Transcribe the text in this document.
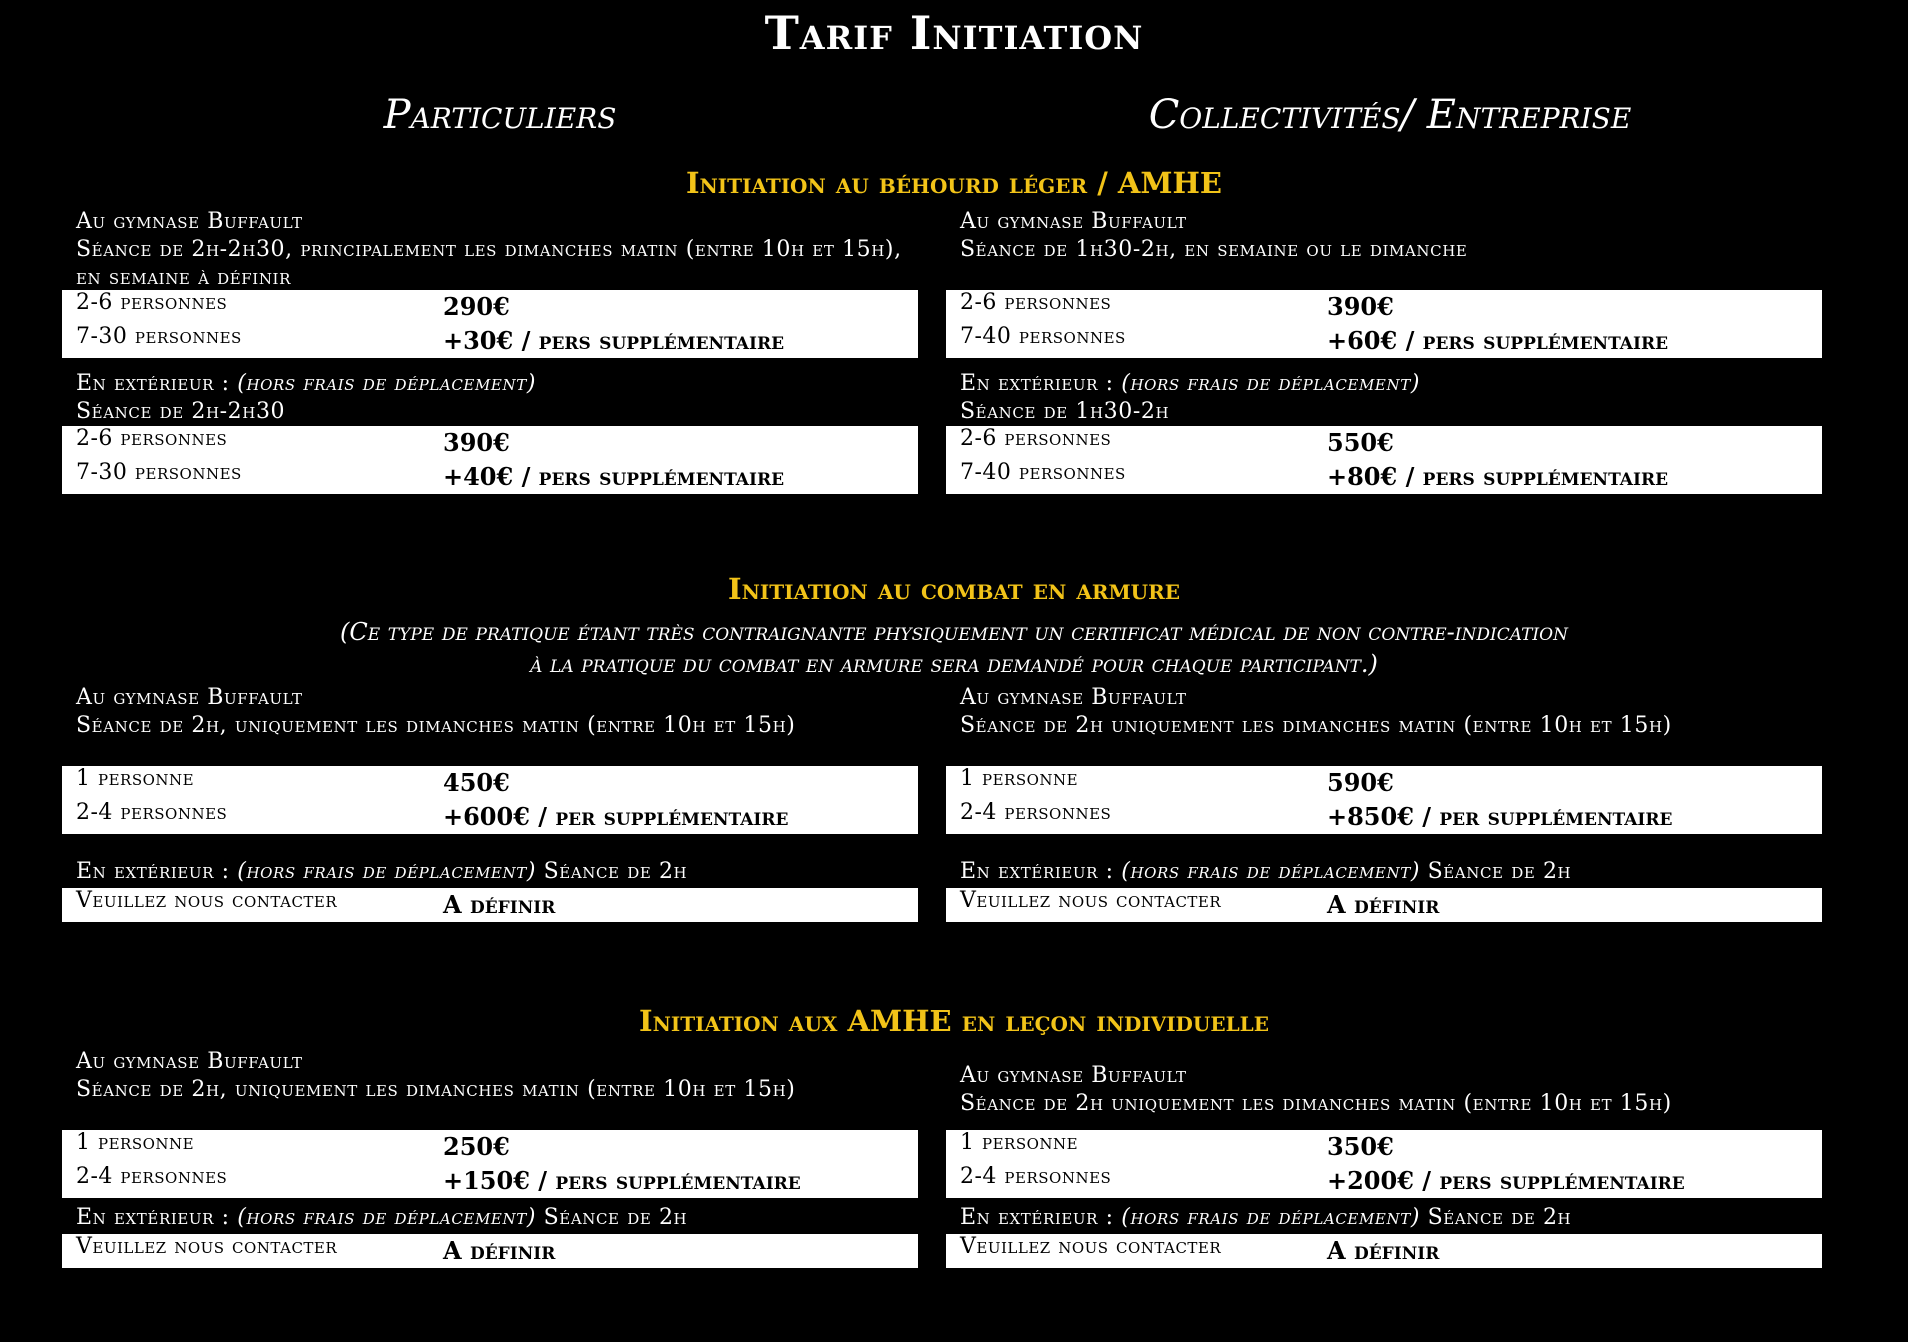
Tarif Initiation
Particuliers	Collectivités/ Entreprise
Initiation au béhourd léger / AMHE
Au gymnase Buffault
Séance de 2h-2h30, principalement les dimanches matin (entre 10h et 15h), en semaine à définir
2-6 personnes	290€
7-30 personnes	+30€ / pers supplémentaire
En extérieur : (hors frais de déplacement)
Séance de 2h-2h30
2-6 personnes	390€
7-30 personnes	+40€ / pers supplémentaire
Au gymnase Buffault
Séance de 1h30-2h, en semaine ou le dimanche
2-6 personnes	390€
7-40 personnes	+60€ / pers supplémentaire
En extérieur : (hors frais de déplacement)
Séance de 1h30-2h
2-6 personnes	550€
7-40 personnes	+80€ / pers supplémentaire
Initiation au combat en armure
(Ce type de pratique étant très contraignante physiquement un certificat médical de non contre-indication
à la pratique du combat en armure sera demandé pour chaque participant.)
Au gymnase Buffault
Séance de 2h, uniquement les dimanches matin (entre 10h et 15h)
1 personne	450€
2-4 personnes	+600€ / per supplémentaire
En extérieur : (hors frais de déplacement) Séance de 2h
Veuillez nous contacter	A définir
Au gymnase Buffault
Séance de 2h uniquement les dimanches matin (entre 10h et 15h)
1 personne	590€
2-4 personnes	+850€ / per supplémentaire
En extérieur : (hors frais de déplacement) Séance de 2h
Veuillez nous contacter	A définir
Initiation aux AMHE en leçon individuelle
Au gymnase Buffault
Séance de 2h, uniquement les dimanches matin (entre 10h et 15h)
1 personne	250€
2-4 personnes	+150€ / pers supplémentaire
En extérieur : (hors frais de déplacement) Séance de 2h
Veuillez nous contacter	A définir
Au gymnase Buffault
Séance de 2h uniquement les dimanches matin (entre 10h et 15h)
1 personne	350€
2-4 personnes	+200€ / pers supplémentaire
En extérieur : (hors frais de déplacement) Séance de 2h
Veuillez nous contacter	A définir
